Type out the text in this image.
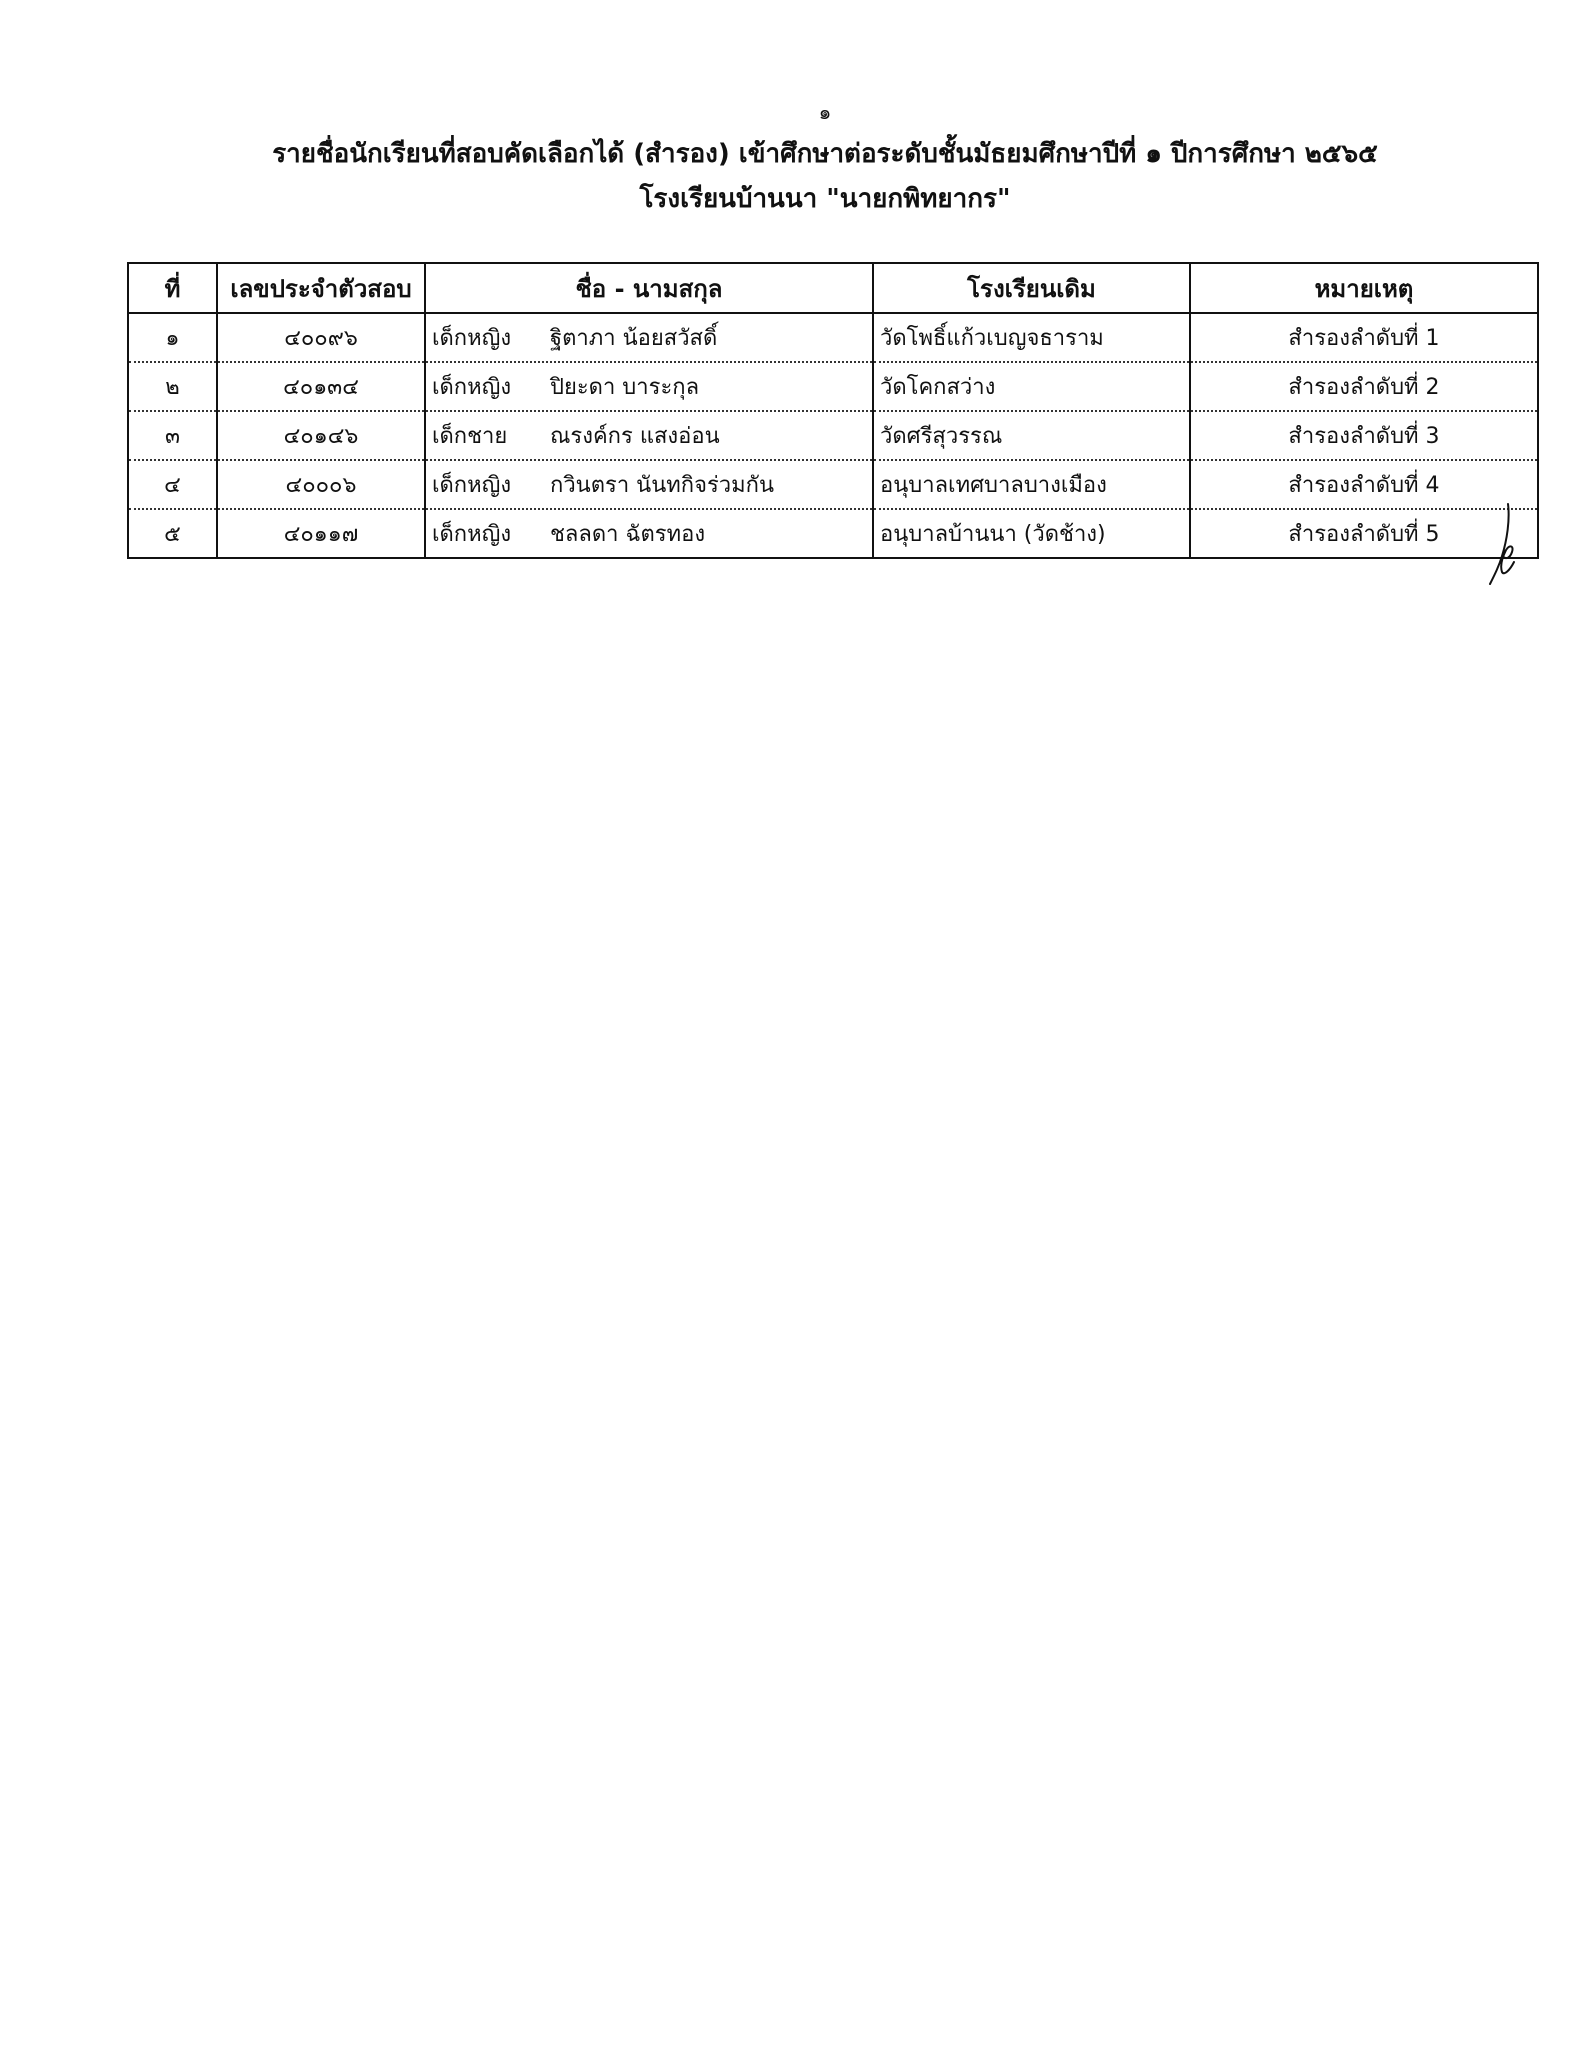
๑
รายชื่อนักเรียนที่สอบคัดเลือกได้ (สำรอง) เข้าศึกษาต่อระดับชั้นมัธยมศึกษาปีที่ ๑ ปีการศึกษา ๒๕๖๕
โรงเรียนบ้านนา "นายกพิทยากร"
ที่	เลขประจำตัวสอบ	ชื่อ - นามสกุล	โรงเรียนเดิม	หมายเหตุ
๑	๔๐๐๙๖	เด็กหญิง ฐิตาภา น้อยสวัสดิ์	วัดโพธิ์แก้วเบญจธาราม	สำรองลำดับที่ 1
๒	๔๐๑๓๔	เด็กหญิง ปิยะดา บาระกุล	วัดโคกสว่าง	สำรองลำดับที่ 2
๓	๔๐๑๔๖	เด็กชาย ณรงค์กร แสงอ่อน	วัดศรีสุวรรณ	สำรองลำดับที่ 3
๔	๔๐๐๐๖	เด็กหญิง กวินตรา นันทกิจร่วมกัน	อนุบาลเทศบาลบางเมือง	สำรองลำดับที่ 4
๕	๔๐๑๑๗	เด็กหญิง ชลลดา ฉัตรทอง	อนุบาลบ้านนา (วัดช้าง)	สำรองลำดับที่ 5
